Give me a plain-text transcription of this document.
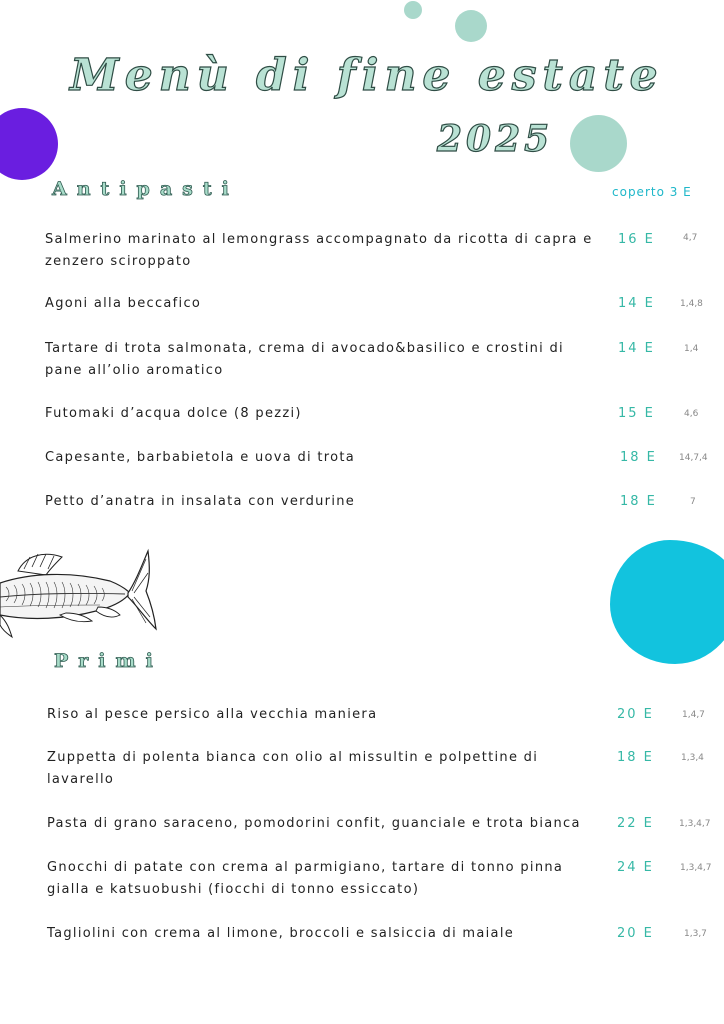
Menù di fine estate
2025
Antipasti	coperto 3 E
Salmerino marinato al lemongrass accompagnato da ricotta di capra e zenzero sciroppato
16 E	4,7
Agoni alla beccafico	14 E	1,4,8
Tartare di trota salmonata, crema di avocado&basilico e crostini di pane all’olio aromatico
14 E	1,4
Futomaki d’acqua dolce (8 pezzi)	15 E	4,6
Capesante, barbabietola e uova di trota	18 E	14,7,4
Petto d’anatra in insalata con verdurine	18 E	7
Primi
Riso al pesce persico alla vecchia maniera	20 E	1,4,7
Zuppetta di polenta bianca con olio al missultin e polpettine di lavarello
18 E	1,3,4
Pasta di grano saraceno, pomodorini confit, guanciale e trota bianca	22 E	1,3,4,7
Gnocchi di patate con crema al parmigiano, tartare di tonno pinna gialla e katsuobushi (fiocchi di tonno essiccato)
24 E	1,3,4,7
Tagliolini con crema al limone, broccoli e salsiccia di maiale	20 E	1,3,7
